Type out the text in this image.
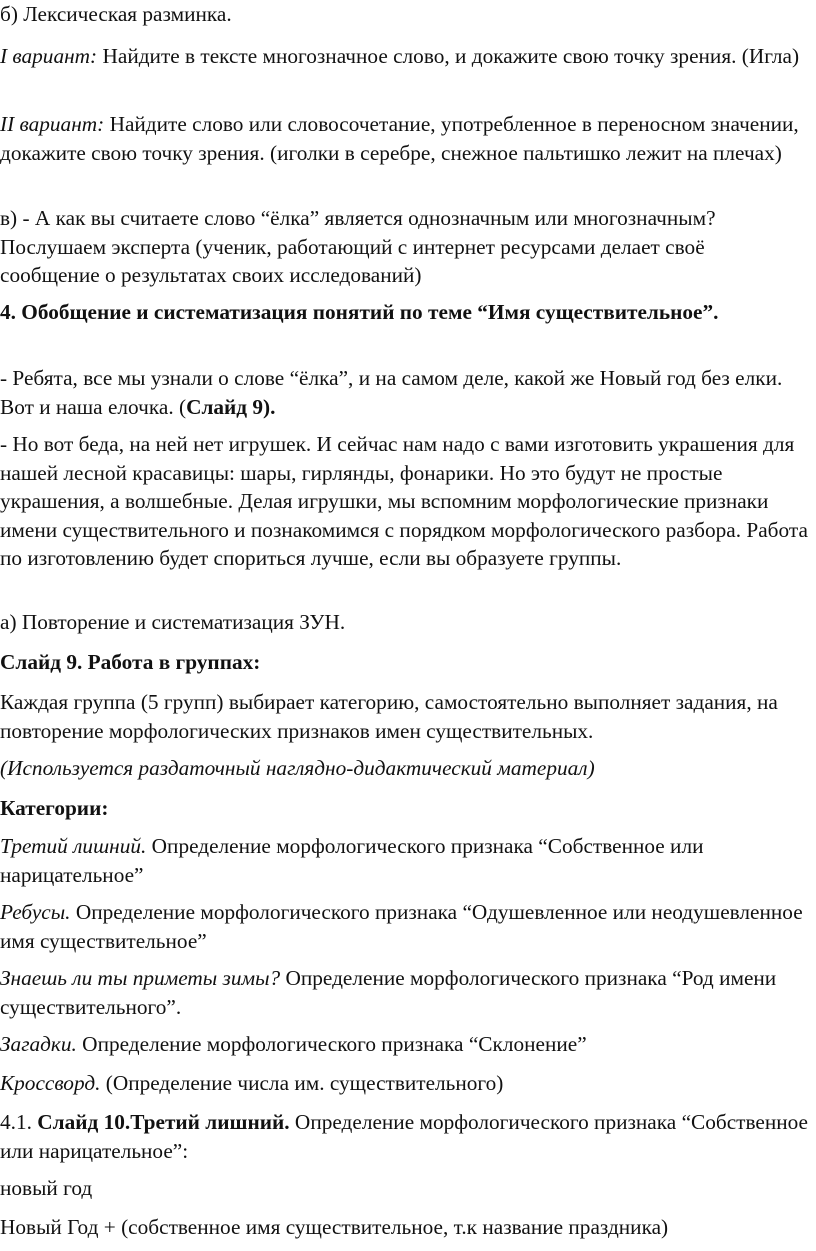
б) Лексическая разминка.

I вариант: Найдите в тексте многозначное слово, и докажите свою точку зрения. (Игла)

II вариант: Найдите слово или словосочетание, употребленное в переносном значении, докажите свою точку зрения. (иголки в серебре, снежное пальтишко лежит на плечах)

в) - А как вы считаете слово “ёлка” является однозначным или многозначным? Послушаем эксперта (ученик, работающий с интернет ресурсами делает своё сообщение о результатах своих исследований)

4. Обобщение и систематизация понятий по теме “Имя существительное”.

- Ребята, все мы узнали о слове “ёлка”, и на самом деле, какой же Новый год без елки. Вот и наша елочка. (Слайд 9).

- Но вот беда, на ней нет игрушек. И сейчас нам надо с вами изготовить украшения для нашей лесной красавицы: шары, гирлянды, фонарики. Но это будут не простые украшения, а волшебные. Делая игрушки, мы вспомним морфологические признаки имени существительного и познакомимся с порядком морфологического разбора. Работа по изготовлению будет спориться лучше, если вы образуете группы.

а) Повторение и систематизация ЗУН.

Слайд 9. Работа в группах:

Каждая группа (5 групп) выбирает категорию, самостоятельно выполняет задания, на повторение морфологических признаков имен существительных.

(Используется раздаточный наглядно-дидактический материал)

Категории:

Третий лишний. Определение морфологического признака “Собственное или нарицательное”

Ребусы. Определение морфологического признака “Одушевленное или неодушевленное имя существительное”

Знаешь ли ты приметы зимы? Определение морфологического признака “Род имени существительного”.

Загадки. Определение морфологического признака “Склонение”

Кроссворд. (Определение числа им. существительного)

4.1. Слайд 10.Третий лишний. Определение морфологического признака “Собственное или нарицательное”:

новый год

Новый Год + (собственное имя существительное, т.к название праздника)
